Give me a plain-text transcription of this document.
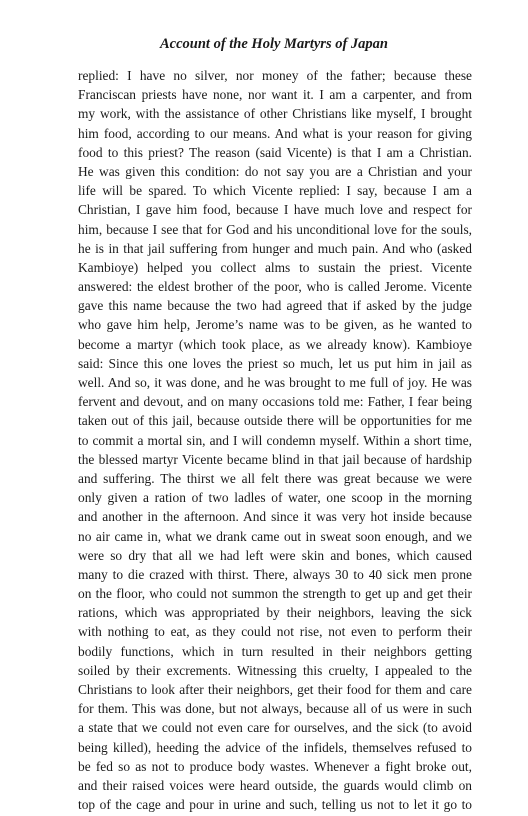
Account of the Holy Martyrs of Japan
replied: I have no silver, nor money of the father; because these
Franciscan priests have none, nor want it. I am a carpenter, and from
my work, with the assistance of other Christians like myself, I brought
him food, according to our means. And what is your reason for giving
food to this priest? The reason (said Vicente) is that I am a Christian.
He was given this condition: do not say you are a Christian and your
life will be spared. To which Vicente replied: I say, because I am a
Christian, I gave him food, because I have much love and respect for
him, because I see that for God and his unconditional love for the souls,
he is in that jail suffering from hunger and much pain. And who (asked
Kambioye) helped you collect alms to sustain the priest. Vicente
answered: the eldest brother of the poor, who is called Jerome. Vicente
gave this name because the two had agreed that if asked by the judge
who gave him help, Jerome’s name was to be given, as he wanted to
become a martyr (which took place, as we already know). Kambioye
said: Since this one loves the priest so much, let us put him in jail as
well. And so, it was done, and he was brought to me full of joy. He was
fervent and devout, and on many occasions told me: Father, I fear being
taken out of this jail, because outside there will be opportunities for me
to commit a mortal sin, and I will condemn myself. Within a short time,
the blessed martyr Vicente became blind in that jail because of hardship
and suffering. The thirst we all felt there was great because we were
only given a ration of two ladles of water, one scoop in the morning
and another in the afternoon. And since it was very hot inside because
no air came in, what we drank came out in sweat soon enough, and we
were so dry that all we had left were skin and bones, which caused
many to die crazed with thirst. There, always 30 to 40 sick men prone
on the floor, who could not summon the strength to get up and get their
rations, which was appropriated by their neighbors, leaving the sick
with nothing to eat, as they could not rise, not even to perform their
bodily functions, which in turn resulted in their neighbors getting
soiled by their excrements. Witnessing this cruelty, I appealed to the
Christians to look after their neighbors, get their food for them and care
for them. This was done, but not always, because all of us were in such
a state that we could not even care for ourselves, and the sick (to avoid
being killed), heeding the advice of the infidels, themselves refused to
be fed so as not to produce body wastes. Whenever a fight broke out,
and their raised voices were heard outside, the guards would climb on
top of the cage and pour in urine and such, telling us not to let it go to
